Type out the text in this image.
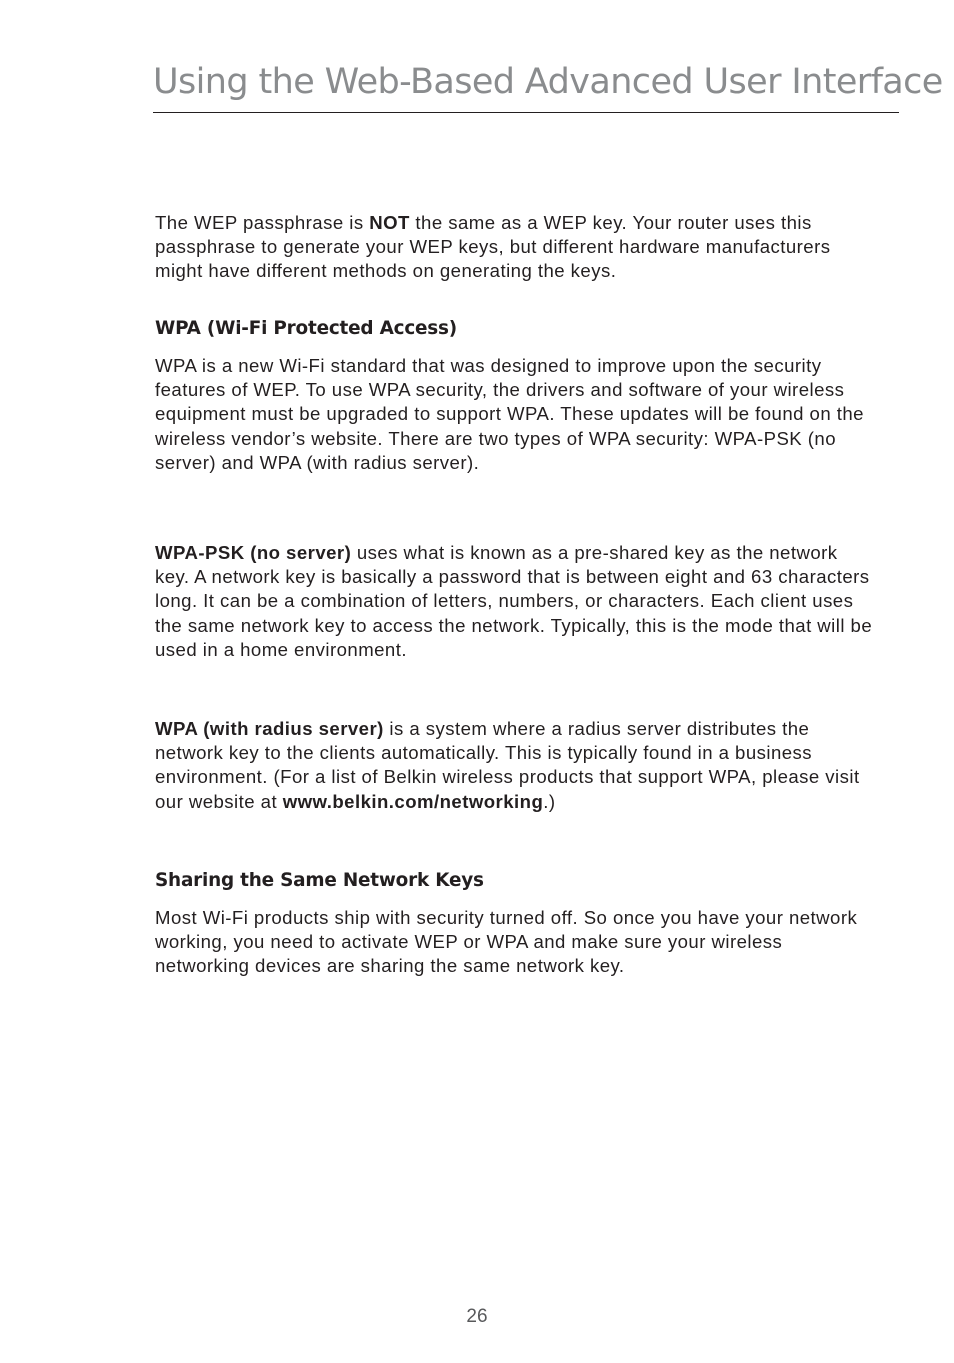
Using the Web-Based Advanced User Interface

The WEP passphrase is NOT the same as a WEP key. Your router uses this passphrase to generate your WEP keys, but different hardware manufacturers might have different methods on generating the keys.

WPA (Wi-Fi Protected Access)

WPA is a new Wi-Fi standard that was designed to improve upon the security features of WEP. To use WPA security, the drivers and software of your wireless equipment must be upgraded to support WPA. These updates will be found on the wireless vendor’s website. There are two types of WPA security: WPA-PSK (no server) and WPA (with radius server).

WPA-PSK (no server) uses what is known as a pre-shared key as the network key. A network key is basically a password that is between eight and 63 characters long. It can be a combination of letters, numbers, or characters. Each client uses the same network key to access the network. Typically, this is the mode that will be used in a home environment.

WPA (with radius server) is a system where a radius server distributes the network key to the clients automatically. This is typically found in a business environment. (For a list of Belkin wireless products that support WPA, please visit our website at www.belkin.com/networking.)

Sharing the Same Network Keys

Most Wi-Fi products ship with security turned off. So once you have your network working, you need to activate WEP or WPA and make sure your wireless networking devices are sharing the same network key.

26
